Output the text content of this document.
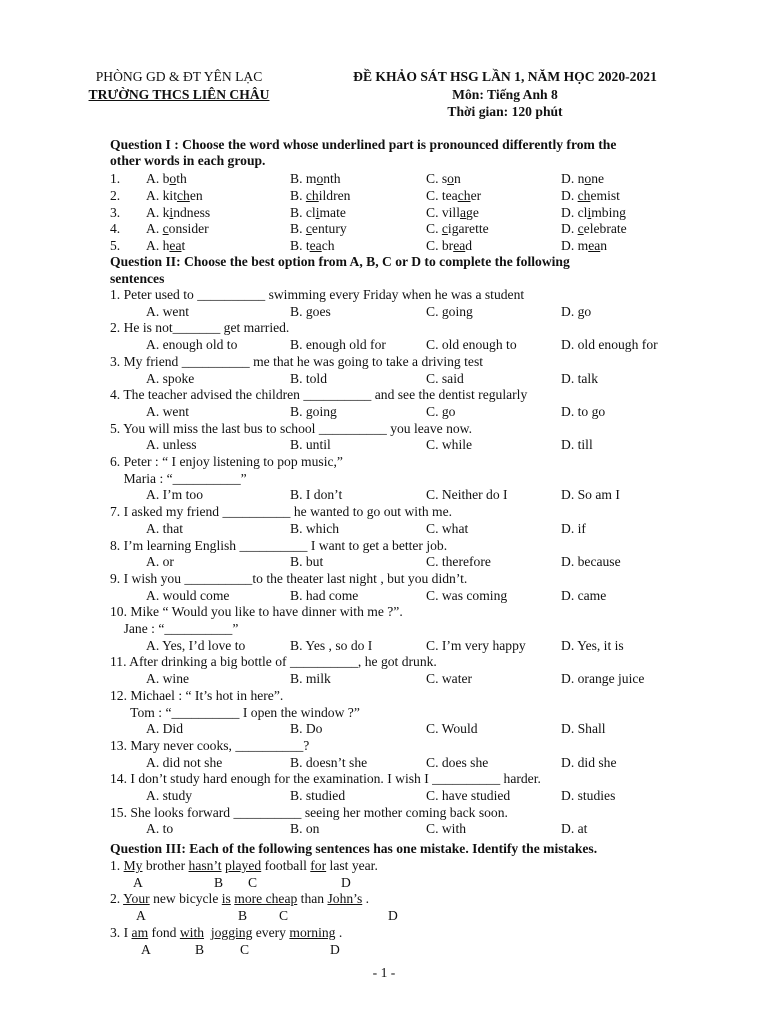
PHÒNG GD & ĐT YÊN LẠC
TRƯỜNG THCS LIÊN CHÂU
ĐỀ KHẢO SÁT HSG LẦN 1, NĂM HỌC 2020-2021
Môn: Tiếng Anh 8
Thời gian: 120 phút
Question I : Choose the word whose underlined part is pronounced differently from the
other words in each group.
1. A. both	B. month	C. son	D. none
2. A. kitchen	B. children	C. teacher	D. chemist
3. A. kindness	B. climate	C. village	D. climbing
4. A. consider	B. century	C. cigarette	D. celebrate
5. A. heat	B. teach	C. bread	D. mean
Question II: Choose the best option from A, B, C or D to complete the following
sentences
1. Peter used to __________ swimming every Friday when he was a student
A. went	B. goes	C. going	D. go
2. He is not_______ get married.
A. enough old to	B. enough old for	C. old enough to	D. old enough for
3. My friend __________ me that he was going to take a driving test
A. spoke	B. told	C. said	D. talk
4. The teacher advised the children __________ and see the dentist regularly
A. went	B. going	C. go	D. to go
5. You will miss the last bus to school __________ you leave now.
A. unless	B. until	C. while	D. till
6. Peter : “ I enjoy listening to pop music,”
Maria : “__________”
A. I’m too	B. I don’t	C. Neither do I	D. So am I
7. I asked my friend __________ he wanted to go out with me.
A. that	B. which	C. what	D. if
8. I’m learning English __________ I want to get a better job.
A. or	B. but	C. therefore	D. because
9. I wish you __________to the theater last night , but you didn’t.
A. would come	B. had come	C. was coming	D. came
10. Mike “ Would you like to have dinner with me ?”.
Jane : “__________”
A. Yes, I’d love to	B. Yes , so do I	C. I’m very happy	D. Yes, it is
11. After drinking a big bottle of __________, he got drunk.
A. wine	B. milk	C. water	D. orange juice
12. Michael : “ It’s hot in here”.
Tom : “__________ I open the window ?”
A. Did	B. Do	C. Would	D. Shall
13. Mary never cooks, __________?
A. did not she	B. doesn’t she	C. does she	D. did she
14. I don’t study hard enough for the examination. I wish I __________ harder.
A. study	B. studied	C. have studied	D. studies
15. She looks forward __________ seeing her mother coming back soon.
A. to	B. on	C. with	D. at
Question III: Each of the following sentences has one mistake. Identify the mistakes.
1. My brother hasn’t played football for last year.
A	B C	D
2. Your new bicycle is more cheap than John’s .
A	B C	D
3. I am fond with jogging every morning .
A	B	C	D
- 1 -
